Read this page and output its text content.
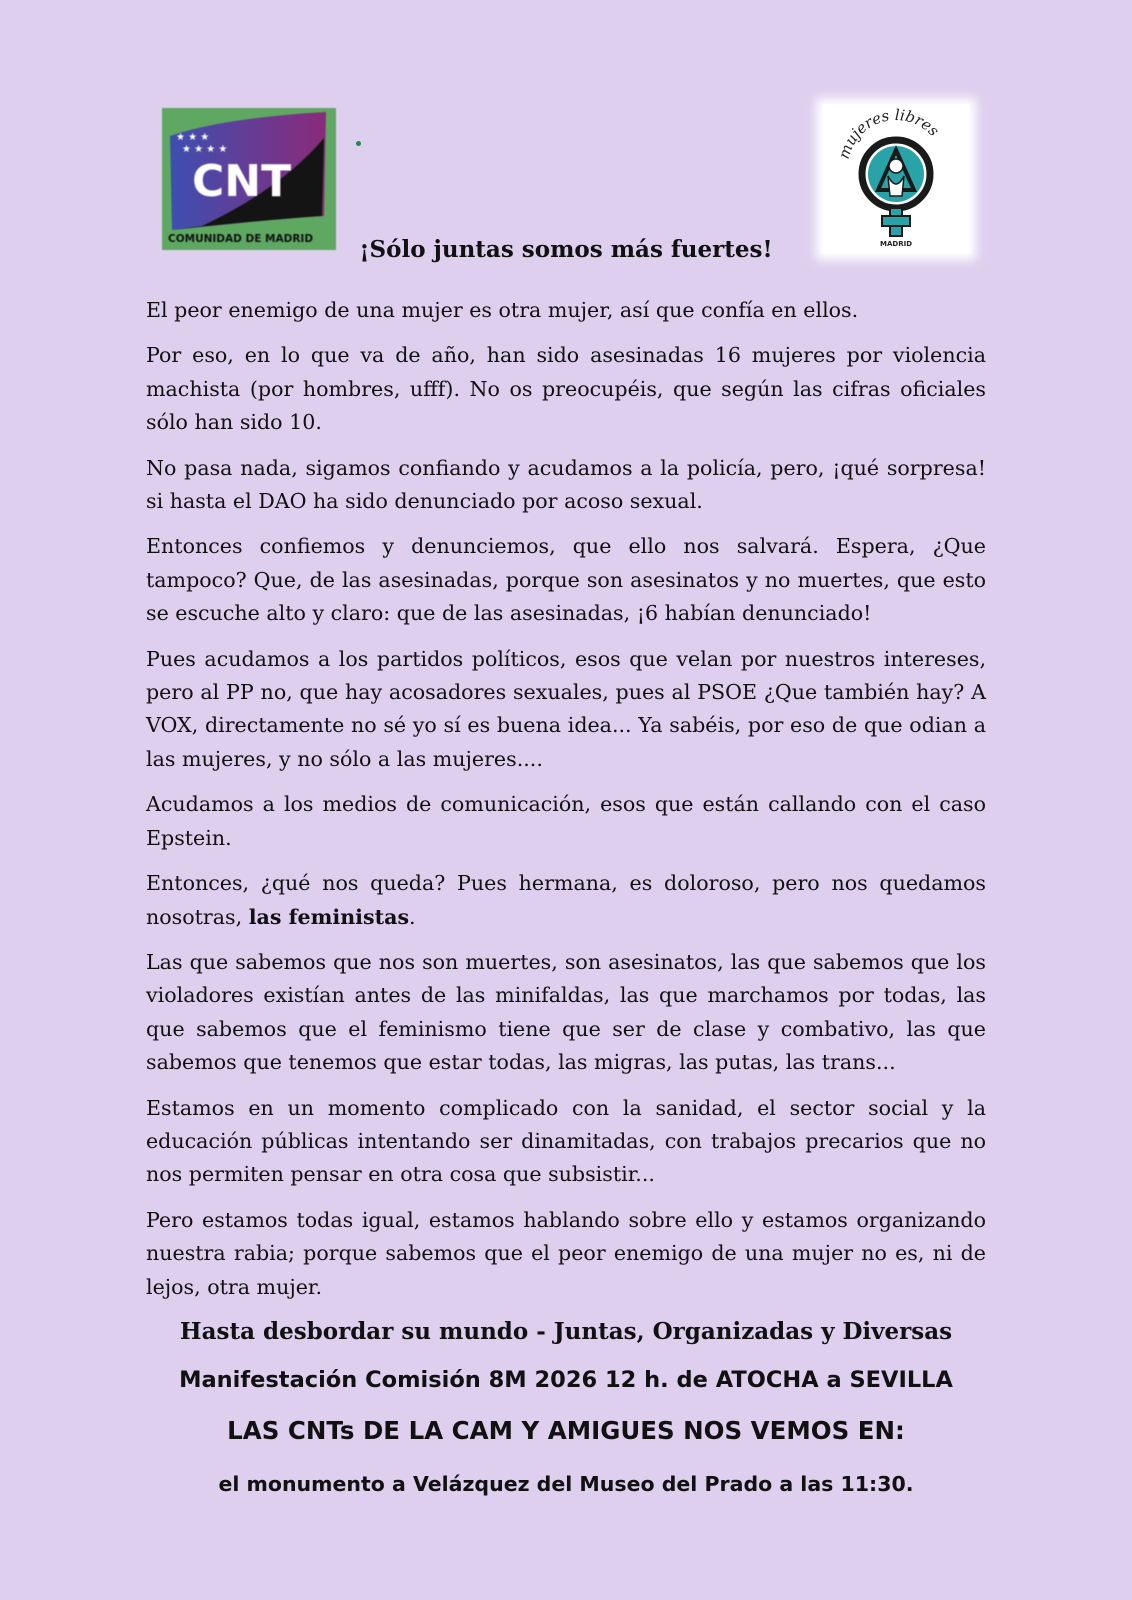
★ ★ ★
★ ★ ★ ★
CNT
COMUNIDAD DE MADRID
mujeres libres
MADRID
¡Sólo juntas somos más fuertes!

El peor enemigo de una mujer es otra mujer, así que confía en ellos.

Por eso, en lo que va de año, han sido asesinadas 16 mujeres por violencia machista (por hombres, ufff). No os preocupéis, que según las cifras oficiales sólo han sido 10.

No pasa nada, sigamos confiando y acudamos a la policía, pero, ¡qué sorpresa! si hasta el DAO ha sido denunciado por acoso sexual.

Entonces confiemos y denunciemos, que ello nos salvará. Espera, ¿Que tampoco? Que, de las asesinadas, porque son asesinatos y no muertes, que esto se escuche alto y claro: que de las asesinadas, ¡6 habían denunciado!

Pues acudamos a los partidos políticos, esos que velan por nuestros intereses, pero al PP no, que hay acosadores sexuales, pues al PSOE ¿Que también hay? A VOX, directamente no sé yo sí es buena idea... Ya sabéis, por eso de que odian a las mujeres, y no sólo a las mujeres....

Acudamos a los medios de comunicación, esos que están callando con el caso Epstein.

Entonces, ¿qué nos queda? Pues hermana, es doloroso, pero nos quedamos nosotras, las feministas.

Las que sabemos que nos son muertes, son asesinatos, las que sabemos que los violadores existían antes de las minifaldas, las que marchamos por todas, las que sabemos que el feminismo tiene que ser de clase y combativo, las que sabemos que tenemos que estar todas, las migras, las putas, las trans...

Estamos en un momento complicado con la sanidad, el sector social y la educación públicas intentando ser dinamitadas, con trabajos precarios que no nos permiten pensar en otra cosa que subsistir...

Pero estamos todas igual, estamos hablando sobre ello y estamos organizando nuestra rabia; porque sabemos que el peor enemigo de una mujer no es, ni de lejos, otra mujer.

Hasta desbordar su mundo - Juntas, Organizadas y Diversas
Manifestación Comisión 8M 2026 12 h. de ATOCHA a SEVILLA
LAS CNTs DE LA CAM Y AMIGUES NOS VEMOS EN:
el monumento a Velázquez del Museo del Prado a las 11:30.
